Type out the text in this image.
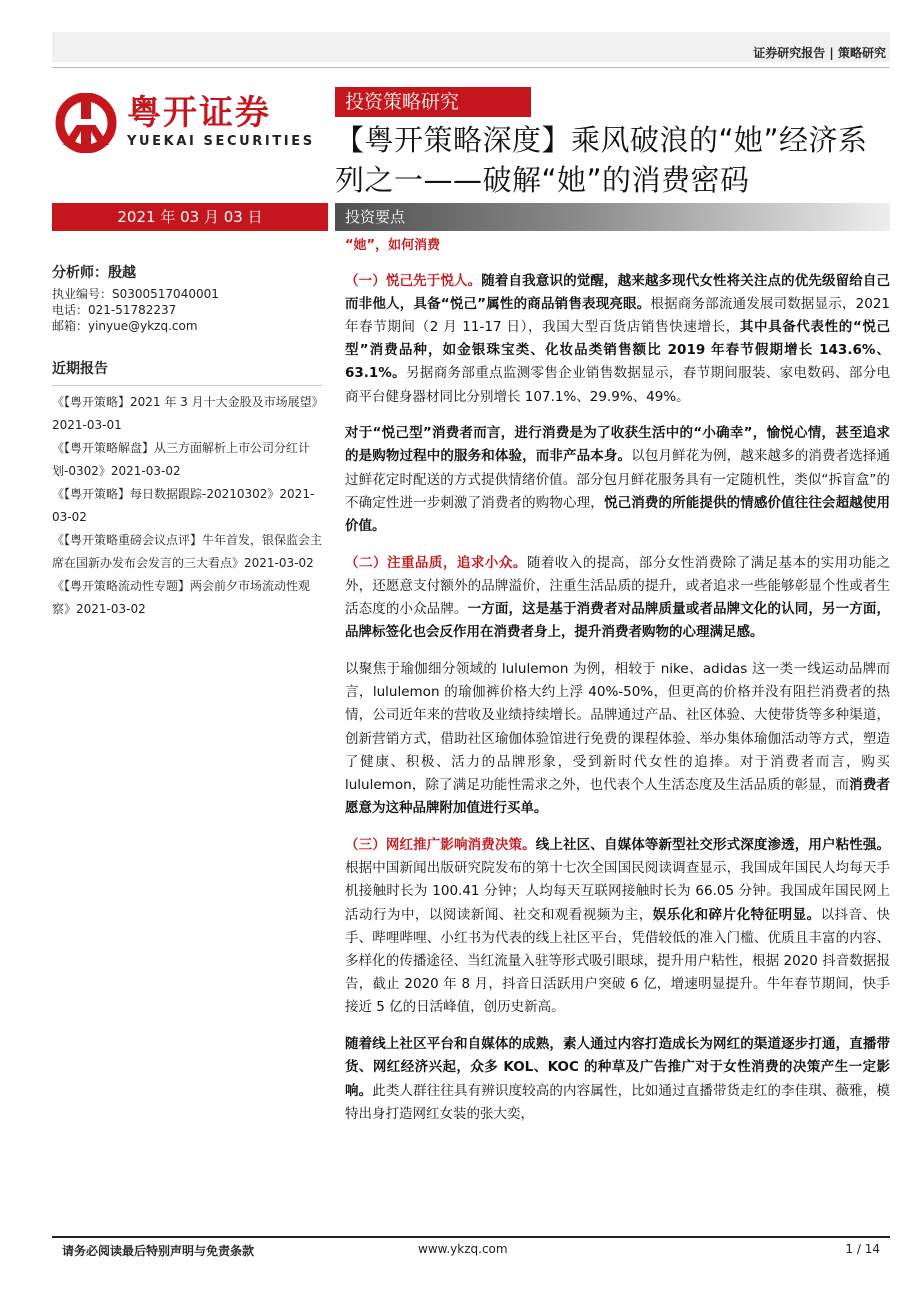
证券研究报告 | 策略研究
粤开证券
YUEKAI SECURITIES
投资策略研究
【粤开策略深度】乘风破浪的“她”经济系列之一——破解“她”的消费密码
2021 年 03 月 03 日	投资要点
分析师：殷越
执业编号：S0300517040001
电话：021-51782237
邮箱：yinyue@ykzq.com
近期报告
《【粤开策略】2021 年 3 月十大金股及市场展望》2021-03-01
《【粤开策略解盘】从三方面解析上市公司分红计划-0302》2021-03-02
《【粤开策略】每日数据跟踪-20210302》2021-03-02
《【粤开策略重磅会议点评】牛年首发，银保监会主席在国新办发布会发言的三大看点》2021-03-02
《【粤开策略流动性专题】两会前夕市场流动性观察》2021-03-02
“她”，如何消费

（一）悦己先于悦人。随着自我意识的觉醒，越来越多现代女性将关注点的优先级留给自己而非他人，具备“悦己”属性的商品销售表现亮眼。根据商务部流通发展司数据显示，2021 年春节期间（2 月 11-17 日），我国大型百货店销售快速增长，其中具备代表性的“悦己型”消费品种，如金银珠宝类、化妆品类销售额比 2019 年春节假期增长 143.6%、63.1%。另据商务部重点监测零售企业销售数据显示，春节期间服装、家电数码、部分电商平台健身器材同比分别增长 107.1%、29.9%、49%。

对于“悦己型”消费者而言，进行消费是为了收获生活中的“小确幸”，愉悦心情，甚至追求的是购物过程中的服务和体验，而非产品本身。以包月鲜花为例，越来越多的消费者选择通过鲜花定时配送的方式提供情绪价值。部分包月鲜花服务具有一定随机性，类似“拆盲盒”的不确定性进一步刺激了消费者的购物心理，悦己消费的所能提供的情感价值往往会超越使用价值。

（二）注重品质，追求小众。随着收入的提高，部分女性消费除了满足基本的实用功能之外，还愿意支付额外的品牌溢价，注重生活品质的提升，或者追求一些能够彰显个性或者生活态度的小众品牌。一方面，这是基于消费者对品牌质量或者品牌文化的认同，另一方面，品牌标签化也会反作用在消费者身上，提升消费者购物的心理满足感。

以聚焦于瑜伽细分领域的 lululemon 为例，相较于 nike、adidas 这一类一线运动品牌而言，lululemon 的瑜伽裤价格大约上浮 40%-50%，但更高的价格并没有阻拦消费者的热情，公司近年来的营收及业绩持续增长。品牌通过产品、社区体验、大使带货等多种渠道，创新营销方式，借助社区瑜伽体验馆进行免费的课程体验、举办集体瑜伽活动等方式，塑造了健康、积极、活力的品牌形象，受到新时代女性的追捧。对于消费者而言，购买 lululemon，除了满足功能性需求之外，也代表个人生活态度及生活品质的彰显，而消费者愿意为这种品牌附加值进行买单。

（三）网红推广影响消费决策。线上社区、自媒体等新型社交形式深度渗透，用户粘性强。根据中国新闻出版研究院发布的第十七次全国国民阅读调查显示，我国成年国民人均每天手机接触时长为 100.41 分钟；人均每天互联网接触时长为 66.05 分钟。我国成年国民网上活动行为中，以阅读新闻、社交和观看视频为主，娱乐化和碎片化特征明显。以抖音、快手、哔哩哔哩、小红书为代表的线上社区平台，凭借较低的准入门槛、优质且丰富的内容、多样化的传播途径、当红流量入驻等形式吸引眼球，提升用户粘性，根据 2020 抖音数据报告，截止 2020 年 8 月，抖音日活跃用户突破 6 亿，增速明显提升。牛年春节期间，快手接近 5 亿的日活峰值，创历史新高。

随着线上社区平台和自媒体的成熟，素人通过内容打造成长为网红的渠道逐步打通，直播带货、网红经济兴起，众多 KOL、KOC 的种草及广告推广对于女性消费的决策产生一定影响。此类人群往往具有辨识度较高的内容属性，比如通过直播带货走红的李佳琪、薇雅，模特出身打造网红女装的张大奕，

请务必阅读最后特别声明与免责条款	www.ykzq.com	1 / 14
